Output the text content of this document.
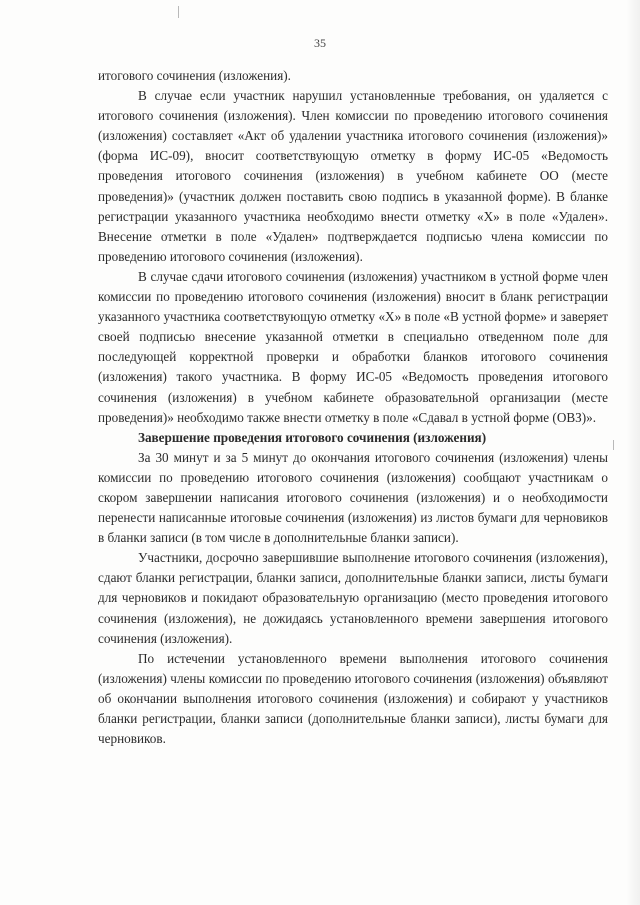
35

итогового сочинения (изложения).

В случае если участник нарушил установленные требования, он удаляется с итогового сочинения (изложения). Член комиссии по проведению итогового сочинения (изложения) составляет «Акт об удалении участника итогового сочинения (изложения)» (форма ИС-09), вносит соответствующую отметку в форму ИС-05 «Ведомость проведения итогового сочинения (изложения) в учебном кабинете ОО (месте проведения)» (участник должен поставить свою подпись в указанной форме). В бланке регистрации указанного участника необходимо внести отметку «X» в поле «Удален». Внесение отметки в поле «Удален» подтверждается подписью члена комиссии по проведению итогового сочинения (изложения).

В случае сдачи итогового сочинения (изложения) участником в устной форме член комиссии по проведению итогового сочинения (изложения) вносит в бланк регистрации указанного участника соответствующую отметку «X» в поле «В устной форме» и заверяет своей подписью внесение указанной отметки в специально отведенном поле для последующей корректной проверки и обработки бланков итогового сочинения (изложения) такого участника. В форму ИС-05 «Ведомость проведения итогового сочинения (изложения) в учебном кабинете образовательной организации (месте проведения)» необходимо также внести отметку в поле «Сдавал в устной форме (ОВЗ)».

Завершение проведения итогового сочинения (изложения)

За 30 минут и за 5 минут до окончания итогового сочинения (изложения) члены комиссии по проведению итогового сочинения (изложения) сообщают участникам о скором завершении написания итогового сочинения (изложения) и о необходимости перенести написанные итоговые сочинения (изложения) из листов бумаги для черновиков в бланки записи (в том числе в дополнительные бланки записи).

Участники, досрочно завершившие выполнение итогового сочинения (изложения), сдают бланки регистрации, бланки записи, дополнительные бланки записи, листы бумаги для черновиков и покидают образовательную организацию (место проведения итогового сочинения (изложения), не дожидаясь установленного времени завершения итогового сочинения (изложения).

По истечении установленного времени выполнения итогового сочинения (изложения) члены комиссии по проведению итогового сочинения (изложения) объявляют об окончании выполнения итогового сочинения (изложения) и собирают у участников бланки регистрации, бланки записи (дополнительные бланки записи), листы бумаги для черновиков.
